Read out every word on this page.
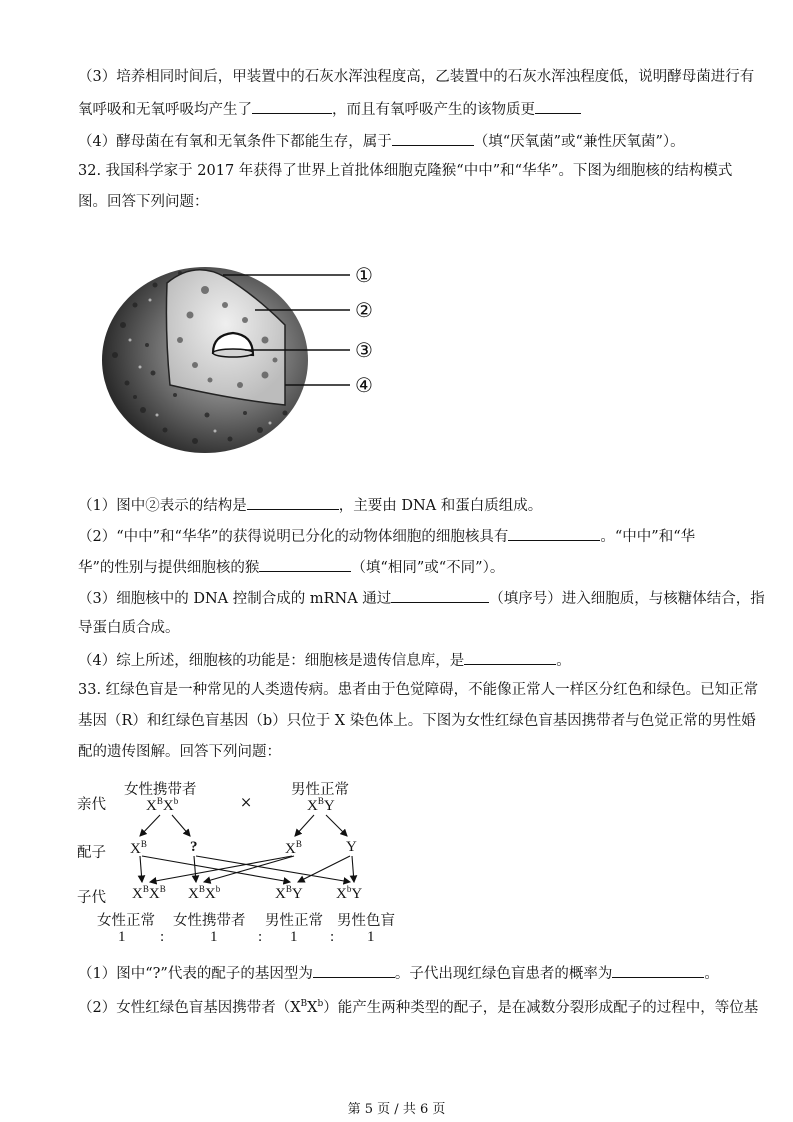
（3）培养相同时间后，甲装置中的石灰水浑浊程度高，乙装置中的石灰水浑浊程度低，说明酵母菌进行有
氧呼吸和无氧呼吸均产生了	，而且有氧呼吸产生的该物质更
（4）酵母菌在有氧和无氧条件下都能生存，属于	（填“厌氧菌”或“兼性厌氧菌”）。
32. 我国科学家于 2017 年获得了世界上首批体细胞克隆猴“中中”和“华华”。下图为细胞核的结构模式
图。回答下列问题：
①
②
③
④
（1）图中②表示的结构是	，主要由 DNA 和蛋白质组成。
（2）“中中”和“华华”的获得说明已分化的动物体细胞的细胞核具有	。“中中”和“华
华”的性别与提供细胞核的猴	（填“相同”或“不同”）。
（3）细胞核中的 DNA 控制合成的 mRNA 通过	（填序号）进入细胞质，与核糖体结合，指
导蛋白质合成。
（4）综上所述，细胞核的功能是：细胞核是遗传信息库，是	。
33. 红绿色盲是一种常见的人类遗传病。患者由于色觉障碍，不能像正常人一样区分红色和绿色。已知正常
基因（R）和红绿色盲基因（b）只位于 X 染色体上。下图为女性红绿色盲基因携带者与色觉正常的男性婚
配的遗传图解。回答下列问题：
亲代
配子
子代
女性携带者
$X^BX^b$	×
男性正常
$X^BY$
$X^B$	?	$X^B$	Y
$X^BX^B$ $X^BX^b$	$X^BY$ $X^bY$
女性正常 女性携带者 男性正常 男性色盲
1 :	1	: 1 : 1
（1）图中“?”代表的配子的基因型为	。子代出现红绿色盲患者的概率为	。
（2）女性红绿色盲基因携带者$(X^BX^b)$能产生两种类型的配子，是在减数分裂形成配子的过程中，等位基
第 5 页 / 共 6 页
